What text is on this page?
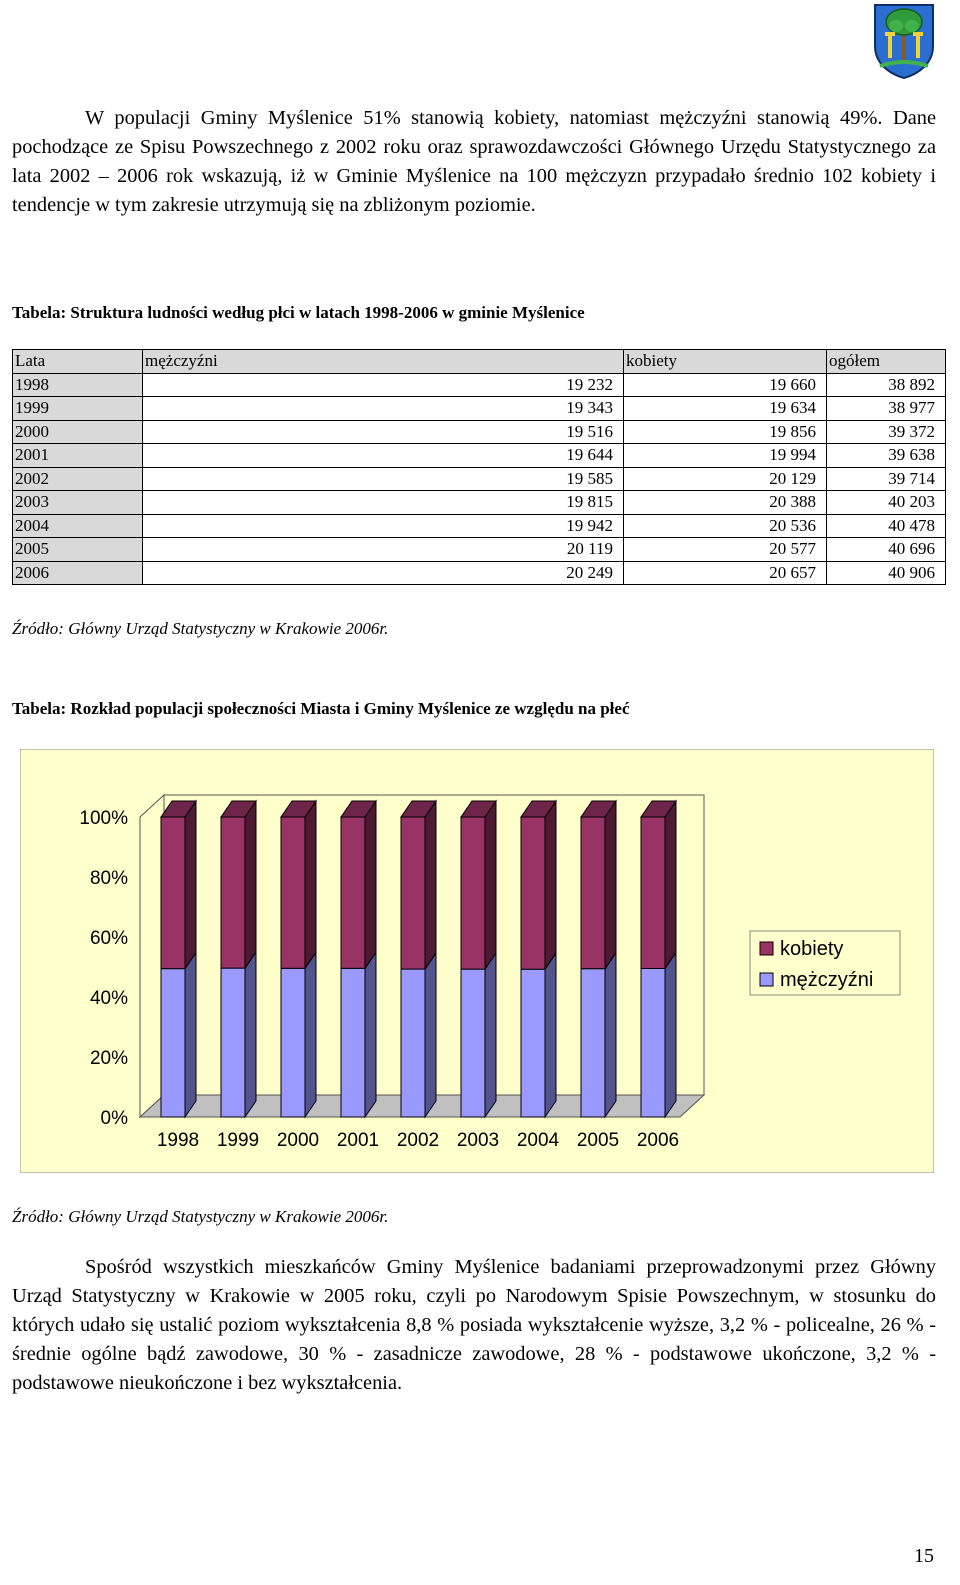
W populacji Gminy Myślenice 51% stanowią kobiety, natomiast mężczyźni stanowią 49%. Dane pochodzące ze Spisu Powszechnego z 2002 roku oraz sprawozdawczości Głównego Urzędu Statystycznego za lata 2002 – 2006 rok wskazują, iż w Gminie Myślenice na 100 mężczyzn przypadało średnio 102 kobiety i tendencje w tym zakresie utrzymują się na zbliżonym poziomie.
Tabela: Struktura ludności według płci w latach 1998-2006 w gminie Myślenice
Lata	mężczyźni	kobiety	ogółem
1998	19 232	19 660	38 892
1999	19 343	19 634	38 977
2000	19 516	19 856	39 372
2001	19 644	19 994	39 638
2002	19 585	20 129	39 714
2003	19 815	20 388	40 203
2004	19 942	20 536	40 478
2005	20 119	20 577	40 696
2006	20 249	20 657	40 906
Źródło: Główny Urząd Statystyczny w Krakowie 2006r.
Tabela: Rozkład populacji społeczności Miasta i Gminy Myślenice ze względu na płeć
0%
20%
40%
60%
80%
100%
1998 1999 2000 2001 2002 2003 2004 2005 2006
kobiety
mężczyźni
Źródło: Główny Urząd Statystyczny w Krakowie 2006r.
Spośród wszystkich mieszkańców Gminy Myślenice badaniami przeprowadzonymi przez Główny Urząd Statystyczny w Krakowie w 2005 roku, czyli po Narodowym Spisie Powszechnym, w stosunku do których udało się ustalić poziom wykształcenia 8,8 % posiada wykształcenie wyższe, 3,2 % - policealne, 26 % - średnie ogólne bądź zawodowe, 30 % - zasadnicze zawodowe, 28 % - podstawowe ukończone, 3,2 % - podstawowe nieukończone i bez wykształcenia.
15
